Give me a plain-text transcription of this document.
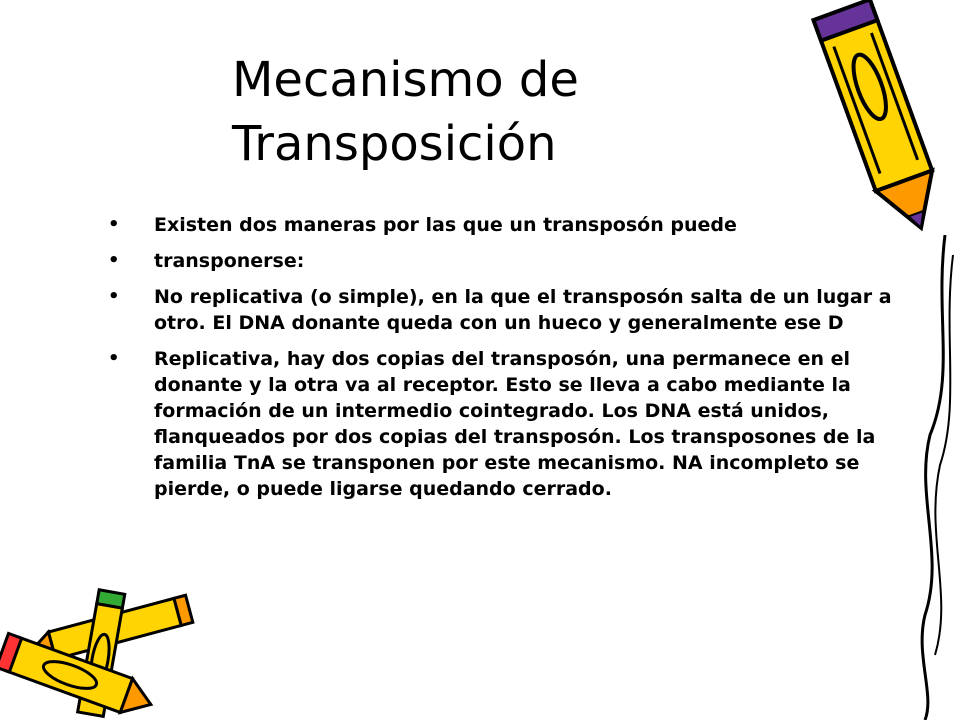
Mecanismo de
Transposición
• Existen dos maneras por las que un transposón puede
• transponerse:
• No replicativa (o simple), en la que el transposón salta de un lugar a otro. El DNA donante queda con un hueco y generalmente ese D
• Replicativa, hay dos copias del transposón, una permanece en el donante y la otra va al receptor. Esto se lleva a cabo mediante la formación de un intermedio cointegrado. Los DNA está unidos, flanqueados por dos copias del transposón. Los transposones de la familia TnA se transponen por este mecanismo. NA incompleto se pierde, o puede ligarse quedando cerrado.
